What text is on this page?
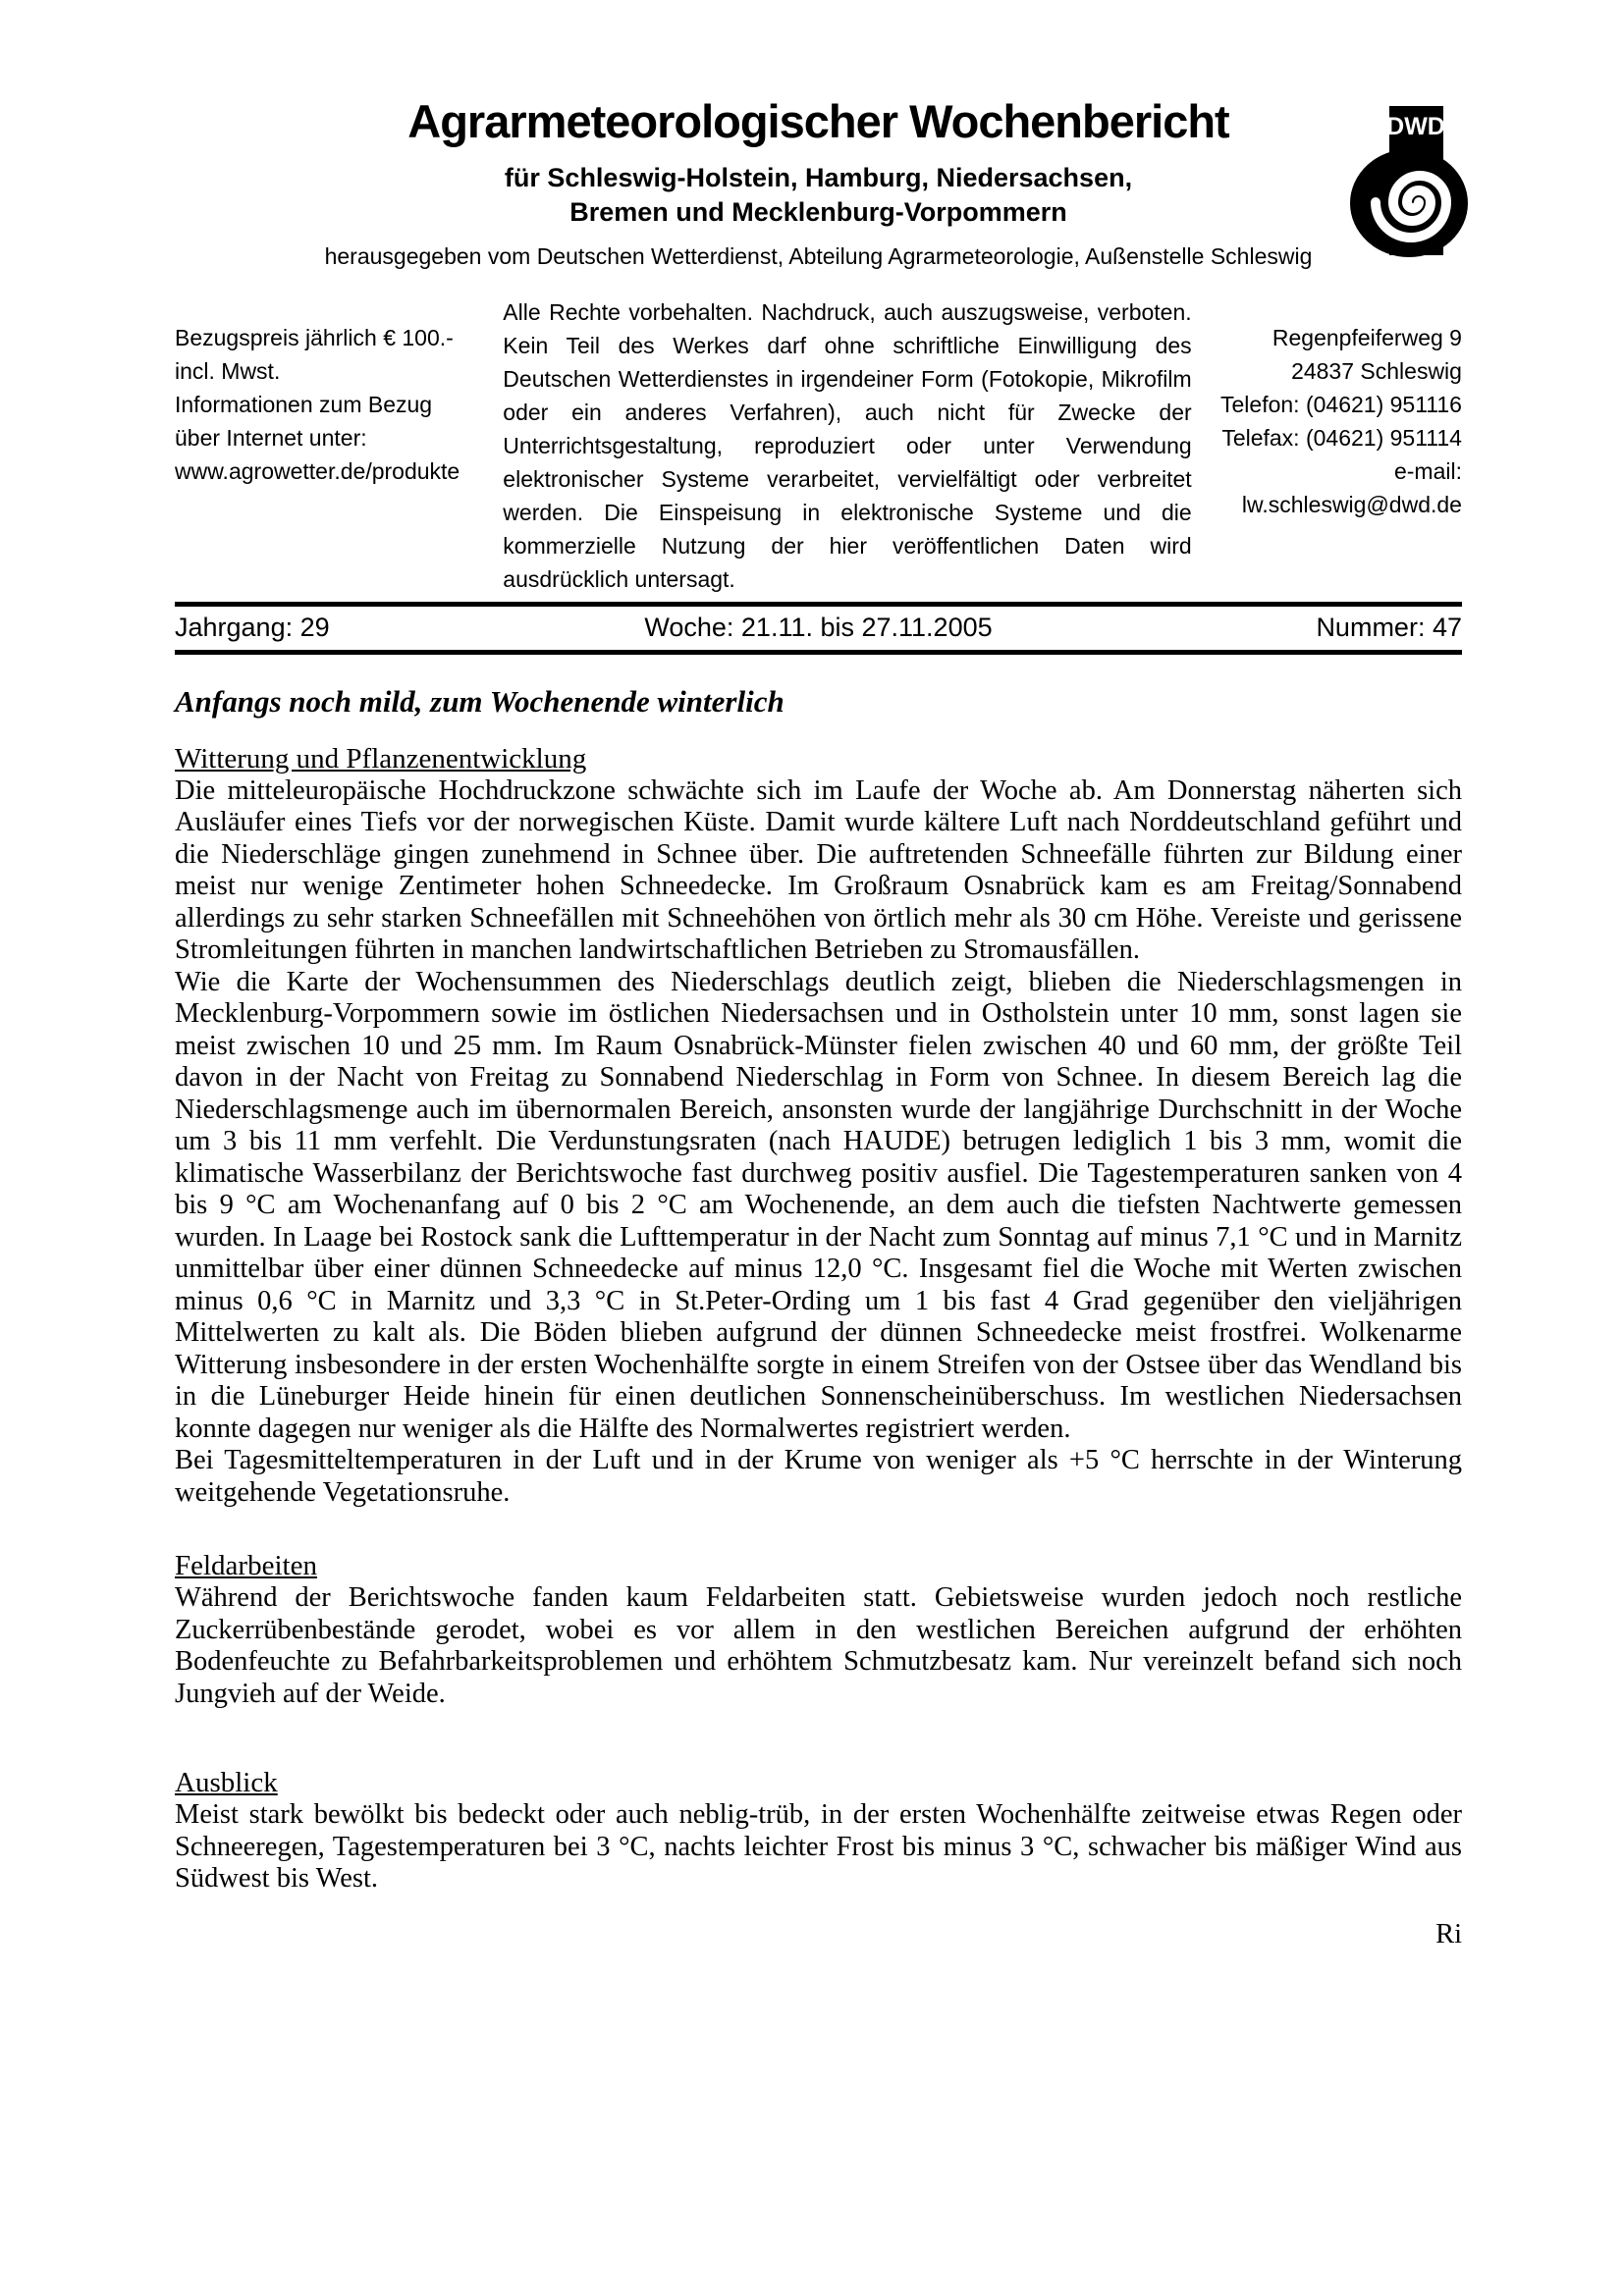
DWD
Agrarmeteorologischer Wochenbericht
für Schleswig-Holstein, Hamburg, Niedersachsen,
Bremen und Mecklenburg-Vorpommern
herausgegeben vom Deutschen Wetterdienst, Abteilung Agrarmeteorologie, Außenstelle Schleswig
Bezugspreis jährlich € 100.-
incl. Mwst.
Informationen zum Bezug
über Internet unter:
www.agrowetter.de/produkte
Alle Rechte vorbehalten. Nachdruck, auch auszugsweise, verboten. Kein Teil des Werkes darf ohne schriftliche Einwilligung des Deutschen Wetterdienstes in irgendeiner Form (Fotokopie, Mikrofilm oder ein anderes Verfahren), auch nicht für Zwecke der Unterrichtsgestaltung, reproduziert oder unter Verwendung elektronischer Systeme verarbeitet, vervielfältigt oder verbreitet werden. Die Einspeisung in elektronische Systeme und die kommerzielle Nutzung der hier veröffentlichen Daten wird ausdrücklich untersagt.
Regenpfeiferweg 9
24837 Schleswig
Telefon: (04621) 951116
Telefax: (04621) 951114
e-mail:
lw.schleswig@dwd.de
Jahrgang: 29	Woche: 21.11. bis 27.11.2005	Nummer: 47
Anfangs noch mild, zum Wochenende winterlich
Witterung und Pflanzenentwicklung

Die mitteleuropäische Hochdruckzone schwächte sich im Laufe der Woche ab. Am Donnerstag näherten sich Ausläufer eines Tiefs vor der norwegischen Küste. Damit wurde kältere Luft nach Norddeutschland geführt und die Niederschläge gingen zunehmend in Schnee über. Die auftretenden Schneefälle führten zur Bildung einer meist nur wenige Zentimeter hohen Schneedecke. Im Großraum Osnabrück kam es am Freitag/Sonnabend allerdings zu sehr starken Schneefällen mit Schneehöhen von örtlich mehr als 30 cm Höhe. Vereiste und gerissene Stromleitungen führten in manchen landwirtschaftlichen Betrieben zu Stromausfällen.

Wie die Karte der Wochensummen des Niederschlags deutlich zeigt, blieben die Niederschlagsmengen in Mecklenburg-Vorpommern sowie im östlichen Niedersachsen und in Ostholstein unter 10 mm, sonst lagen sie meist zwischen 10 und 25 mm. Im Raum Osnabrück-Münster fielen zwischen 40 und 60 mm, der größte Teil davon in der Nacht von Freitag zu Sonnabend Niederschlag in Form von Schnee. In diesem Bereich lag die Niederschlagsmenge auch im übernormalen Bereich, ansonsten wurde der langjährige Durchschnitt in der Woche um 3 bis 11 mm verfehlt. Die Verdunstungsraten (nach HAUDE) betrugen lediglich 1 bis 3 mm, womit die klimatische Wasserbilanz der Berichtswoche fast durchweg positiv ausfiel. Die Tagestemperaturen sanken von 4 bis 9 °C am Wochenanfang auf 0 bis 2 °C am Wochenende, an dem auch die tiefsten Nachtwerte gemessen wurden. In Laage bei Rostock sank die Lufttemperatur in der Nacht zum Sonntag auf minus 7,1 °C und in Marnitz unmittelbar über einer dünnen Schneedecke auf minus 12,0 °C. Insgesamt fiel die Woche mit Werten zwischen minus 0,6 °C in Marnitz und 3,3 °C in St.Peter-Ording um 1 bis fast 4 Grad gegenüber den vieljährigen Mittelwerten zu kalt als. Die Böden blieben aufgrund der dünnen Schneedecke meist frostfrei. Wolkenarme Witterung insbesondere in der ersten Wochenhälfte sorgte in einem Streifen von der Ostsee über das Wendland bis in die Lüneburger Heide hinein für einen deutlichen Sonnenscheinüberschuss. Im westlichen Niedersachsen konnte dagegen nur weniger als die Hälfte des Normalwertes registriert werden.

Bei Tagesmitteltemperaturen in der Luft und in der Krume von weniger als +5 °C herrschte in der Winterung weitgehende Vegetationsruhe.

Feldarbeiten

Während der Berichtswoche fanden kaum Feldarbeiten statt. Gebietsweise wurden jedoch noch restliche Zuckerrübenbestände gerodet, wobei es vor allem in den westlichen Bereichen aufgrund der erhöhten Bodenfeuchte zu Befahrbarkeitsproblemen und erhöhtem Schmutzbesatz kam. Nur vereinzelt befand sich noch Jungvieh auf der Weide.

Ausblick

Meist stark bewölkt bis bedeckt oder auch neblig-trüb, in der ersten Wochenhälfte zeitweise etwas Regen oder Schneeregen, Tagestemperaturen bei 3 °C, nachts leichter Frost bis minus 3 °C, schwacher bis mäßiger Wind aus Südwest bis West.

Ri
